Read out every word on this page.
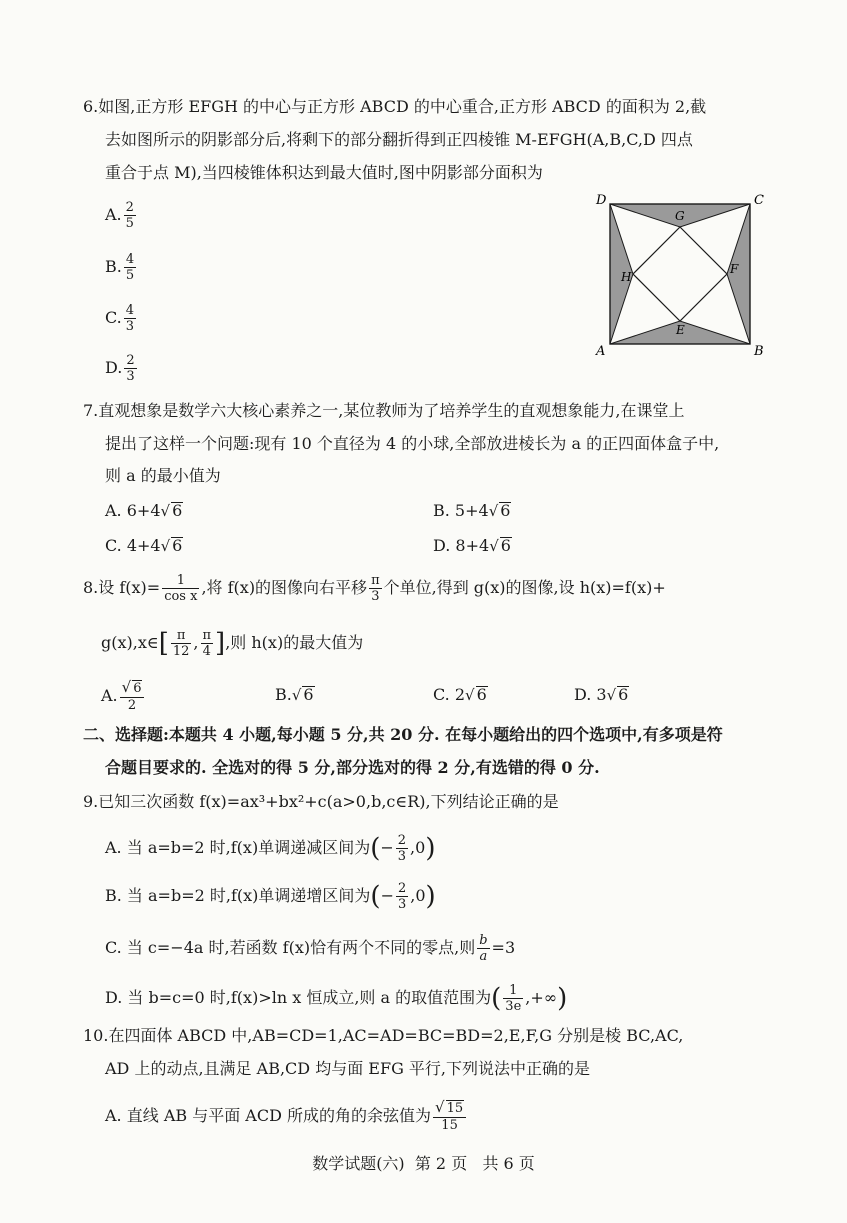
6.如图,正方形 EFGH 的中心与正方形 ABCD 的中心重合,正方形 ABCD 的面积为 2,截
去如图所示的阴影部分后,将剩下的部分翻折得到正四棱锥 M-EFGH(A,B,C,D 四点
重合于点 M),当四棱锥体积达到最大值时,图中阴影部分面积为
A. $\frac{2}{5}$
B. $\frac{4}{5}$
C. $\frac{4}{3}$
D. $\frac{2}{3}$
D	C
A	B
G
F
H
E
7.直观想象是数学六大核心素养之一,某位教师为了培养学生的直观想象能力,在课堂上
提出了这样一个问题:现有 10 个直径为 4 的小球,全部放进棱长为 a 的正四面体盒子中,
则 a 的最小值为
A. 6+4√ 6	B. 5+4√ 6
C. 4+4√ 6	D. 8+4√ 6
8.设 $f(x)= \frac{1}{\text{cos x}}$ ,将 f(x)的图像向右平移 $\frac{\pi}{3}$ 个单位,得到 g(x)的图像,设 h(x)=f(x)+
g(x),x∈[ $\frac{\pi}{12}$ , $\frac{\pi}{4}$ ],则 h(x)的最大值为
A. $\frac{√ 6}{2}$	B.√ 6	C. 2√ 6	D. 3√ 6
二、选择题:本题共 4 小题,每小题 5 分,共 20 分. 在每小题给出的四个选项中,有多项是符
合题目要求的. 全选对的得 5 分,部分选对的得 2 分,有选错的得 0 分.
9.已知三次函数 f(x)=ax³+bx²+c(a>0,b,c∈R),下列结论正确的是
A. 当 a=b=2 时,f(x)单调递减区间为(− $\frac{2}{3} ,0$)
B. 当 a=b=2 时,f(x)单调递增区间为(− $\frac{2}{3} ,0$)
C. 当 c=−4a 时,若函数 f(x)恰有两个不同的零点,则 $\frac{b}{a} =3$
D. 当 b=c=0 时,f(x)>ln x 恒成立,则 a 的取值范围为( $\frac{1}{3e}$ ,+∞)
10.在四面体 ABCD 中,AB=CD=1,AC=AD=BC=BD=2,E,F,G 分别是棱 BC,AC,
AD 上的动点,且满足 AB,CD 均与面 EFG 平行,下列说法中正确的是
A. 直线 AB 与平面 ACD 所成的角的余弦值为 $\frac{√ 15}{15}$
数学试题(六)  第 2 页   共 6 页
